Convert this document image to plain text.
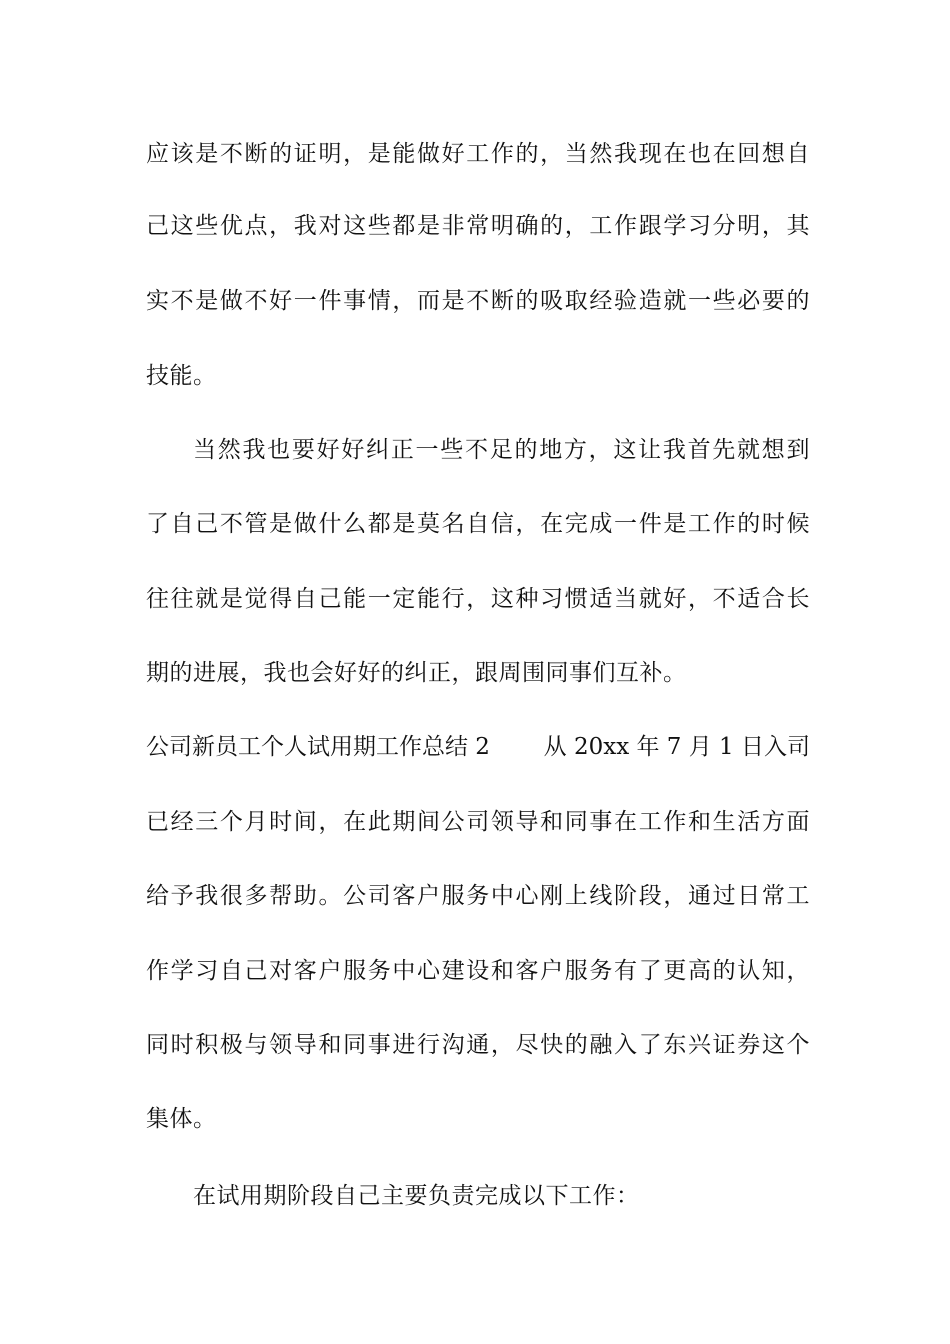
应该是不断的证明，是能做好工作的，当然我现在也在回想自
己这些优点，我对这些都是非常明确的，工作跟学习分明，其
实不是做不好一件事情，而是不断的吸取经验造就一些必要的
技能。
当然我也要好好纠正一些不足的地方，这让我首先就想到
了自己不管是做什么都是莫名自信，在完成一件是工作的时候
往往就是觉得自己能一定能行，这种习惯适当就好，不适合长
期的进展，我也会好好的纠正，跟周围同事们互补。
公司新员工个人试用期工作总结 2 从 20xx 年 7 月 1 日入司
已经三个月时间，在此期间公司领导和同事在工作和生活方面
给予我很多帮助。公司客户服务中心刚上线阶段，通过日常工
作学习自己对客户服务中心建设和客户服务有了更高的认知，
同时积极与领导和同事进行沟通，尽快的融入了东兴证券这个
集体。
在试用期阶段自己主要负责完成以下工作：
